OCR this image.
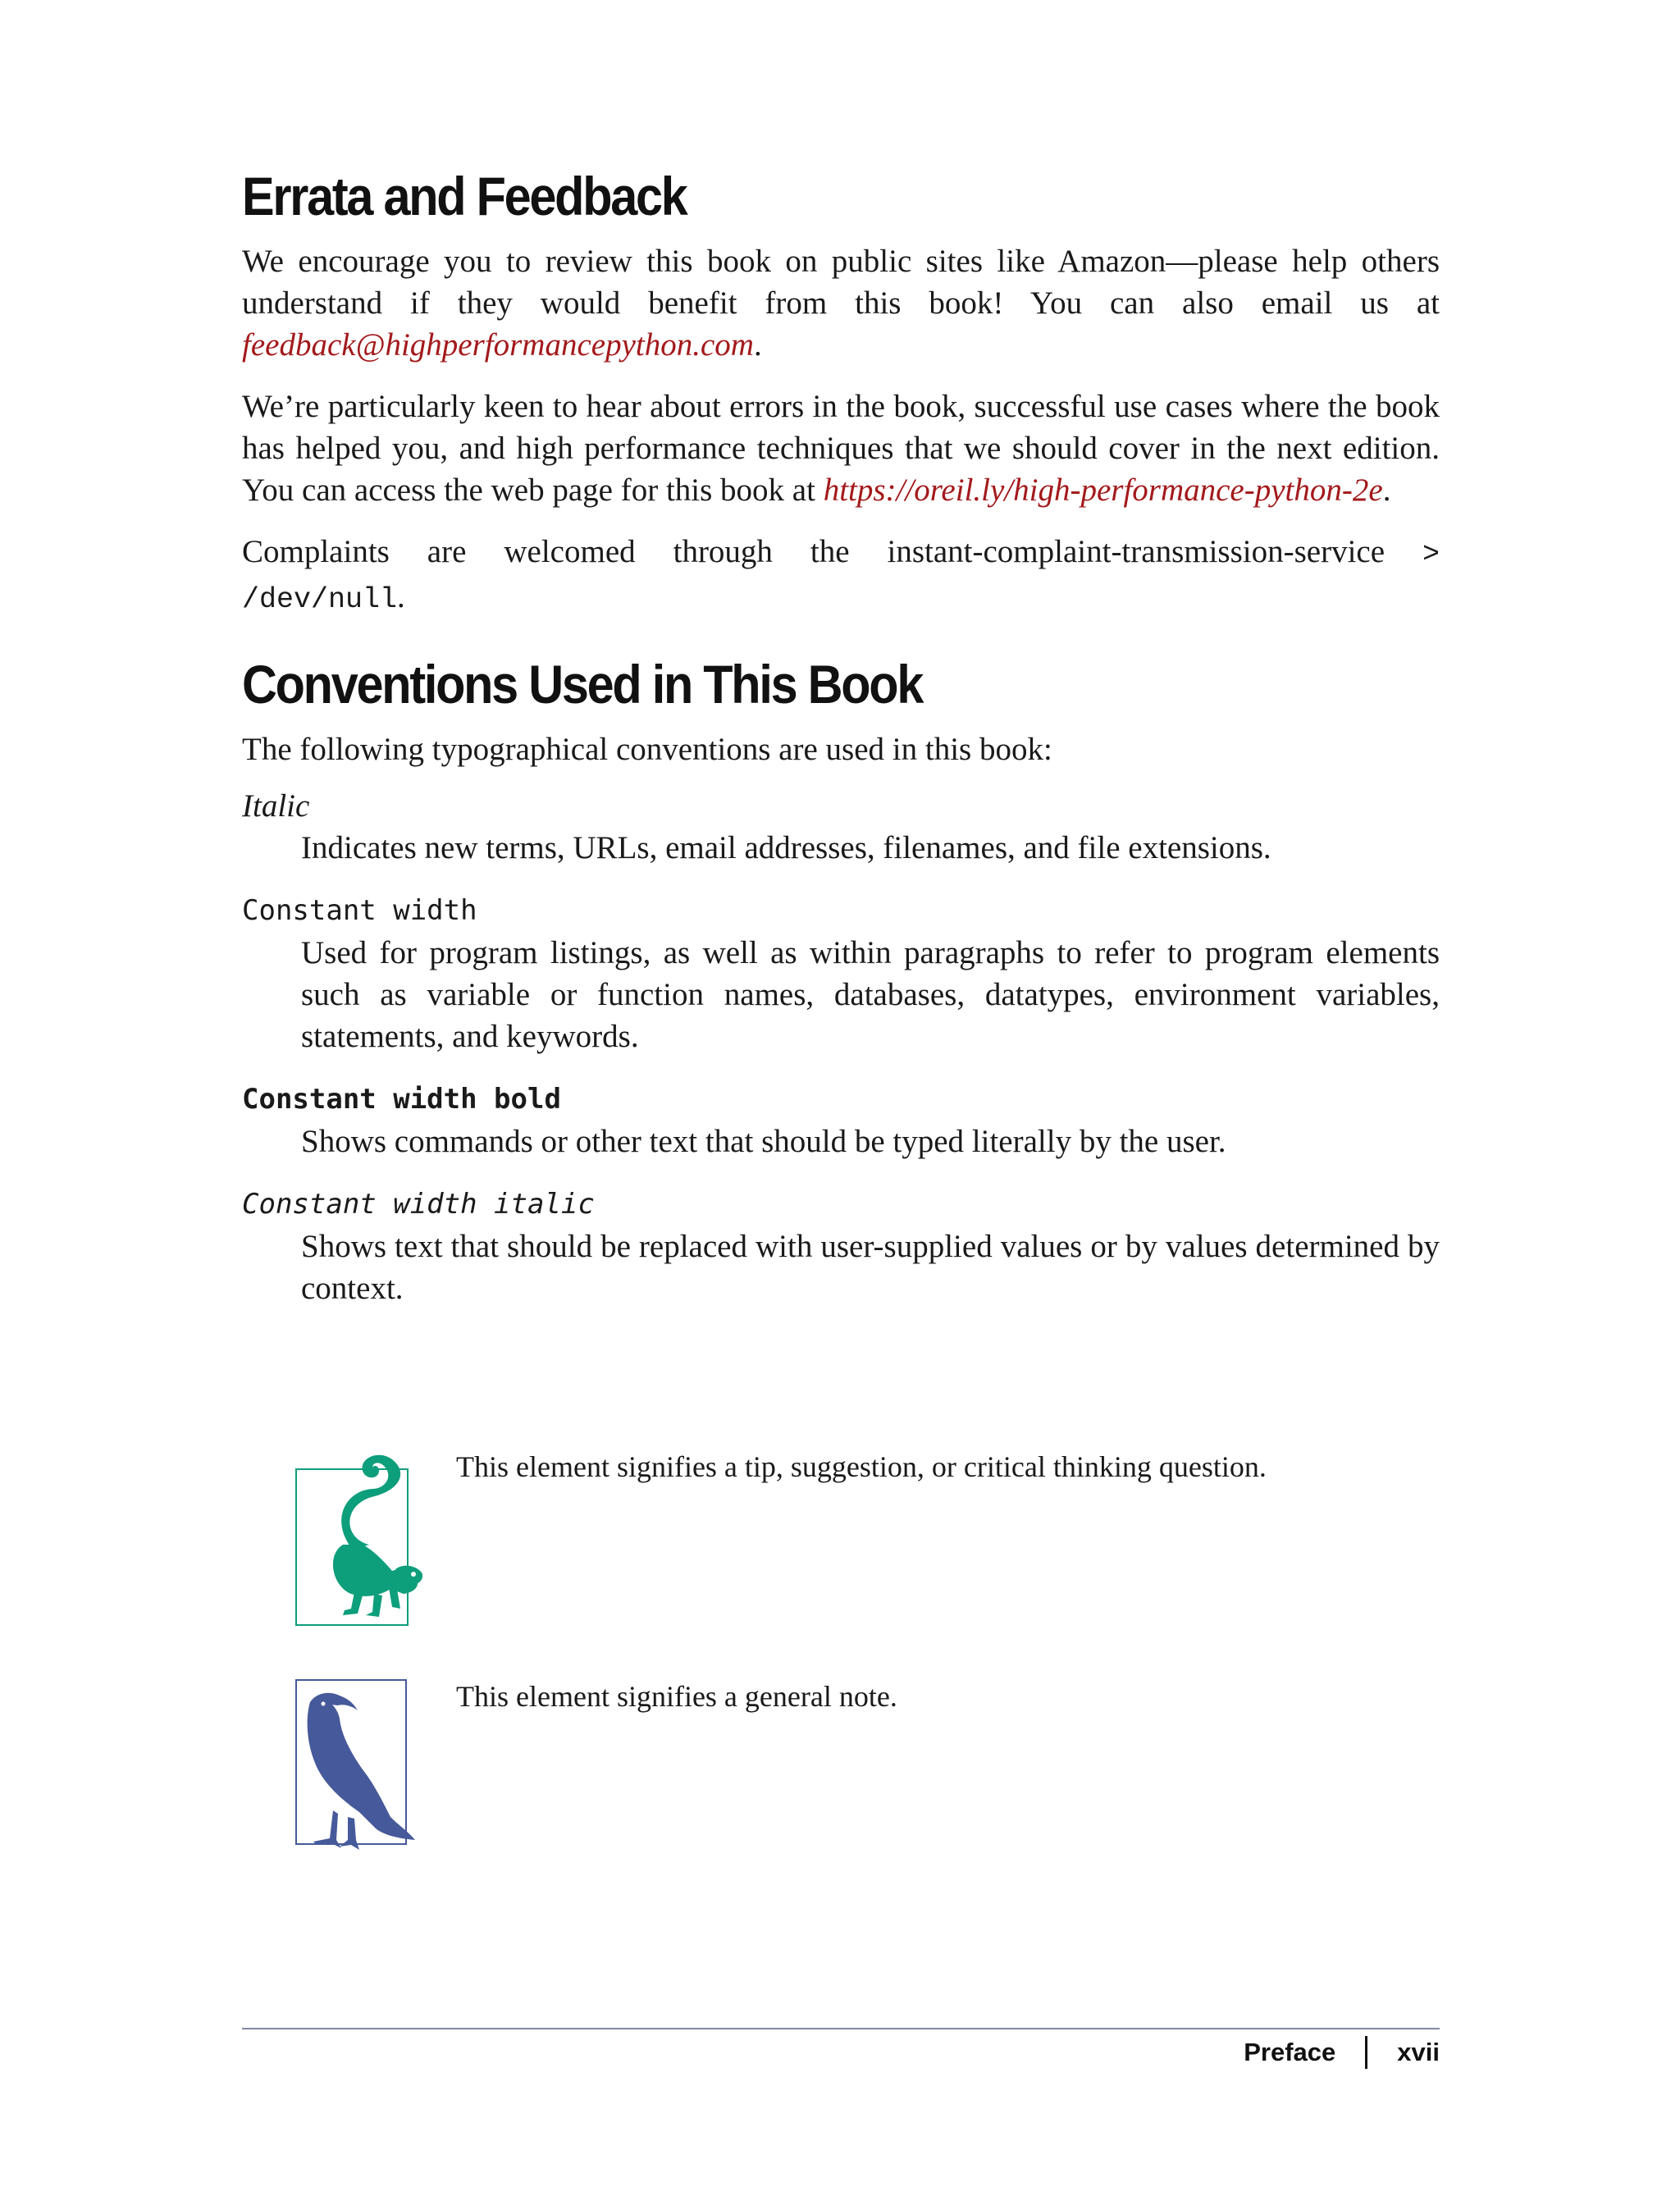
Errata and Feedback

We encourage you to review this book on public sites like Amazon—please help others understand if they would benefit from this book! You can also email us at feedback@highperformancepython.com.

We’re particularly keen to hear about errors in the book, successful use cases where the book has helped you, and high performance techniques that we should cover in the next edition. You can access the web page for this book at https://oreil.ly/high-performance-python-2e.

Complaints are welcomed through the instant-complaint-transmission-service > /dev/null.

Conventions Used in This Book

The following typographical conventions are used in this book:

Italic
Indicates new terms, URLs, email addresses, filenames, and file extensions.
Constant width
Used for program listings, as well as within paragraphs to refer to program elements such as variable or function names, databases, datatypes, environment variables, statements, and keywords.
Constant width bold
Shows commands or other text that should be typed literally by the user.
Constant width italic
Shows text that should be replaced with user-supplied values or by values determined by context.
This element signifies a tip, suggestion, or critical thinking question.
This element signifies a general note.
Preface xvii
